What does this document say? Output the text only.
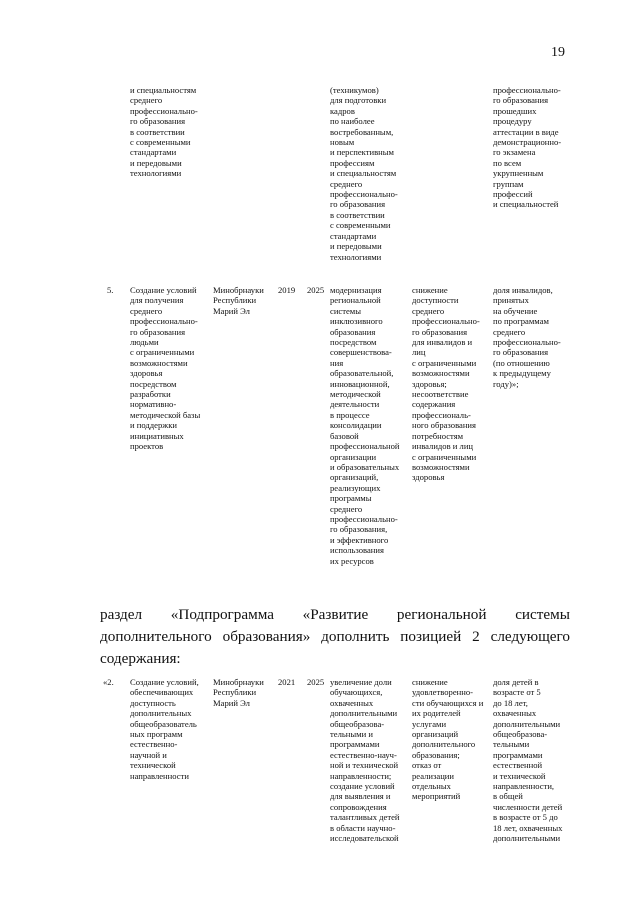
19
и специальностям
среднего
профессионально-
го образования
в соответствии
с современными
стандартами
и передовыми
технологиями
(техникумов)
для подготовки
кадров
по наиболее
востребованным,
новым
и перспективным
профессиям
и специальностям
среднего
профессионально-
го образования
в соответствии
с современными
стандартами
и передовыми
технологиями
профессионально-
го образования
прошедших
процедуру
аттестации в виде
демонстрационно-
го экзамена
по всем
укрупненным
группам
профессий
и специальностей
5. Создание условий
для получения
среднего
профессионально-
го образования
людьми
с ограниченными
возможностями
здоровья
посредством
разработки
нормативно-
методической базы
и поддержки
инициативных
проектов
Минобрнауки
Республики
Марий Эл
2019 2025 модернизация
региональной
системы
инклюзивного
образования
посредством
совершенствова-
ния
образовательной,
инновационной,
методической
деятельности
в процессе
консолидации
базовой
профессиональной
организации
и образовательных
организаций,
реализующих
программы
среднего
профессионально-
го образования,
и эффективного
использования
их ресурсов
снижение
доступности
среднего
профессионально-
го образования
для инвалидов и
лиц
с ограниченными
возможностями
здоровья;
несоответствие
содержания
профессиональ-
ного образования
потребностям
инвалидов и лиц
с ограниченными
возможностями
здоровья
доля инвалидов,
принятых
на обучение
по программам
среднего
профессионально-
го образования
(по отношению
к предыдущему
году)»;
раздел «Подпрограмма «Развитие региональной системы
дополнительного образования» дополнить позицией 2 следующего
содержания:
«2. Создание условий,
обеспечивающих
доступность
дополнительных
общеобразователь
ных программ
естественно-
научной и
технической
направленности
Минобрнауки
Республики
Марий Эл
2021 2025 увеличение доли
обучающихся,
охваченных
дополнительными
общеобразова-
тельными и
программами
естественно-науч-
ной и технической
направленности;
создание условий
для выявления и
сопровождения
талантливых детей
в области научно-
исследовательской
снижение
удовлетворенно-
сти обучающихся и
их родителей
услугами
организаций
дополнительного
образования;
отказ от
реализации
отдельных
мероприятий
доля детей в
возрасте от 5
до 18 лет,
охваченных
дополнительными
общеобразова-
тельными
программами
естественной
и технической
направленности,
в общей
численности детей
в возрасте от 5 до
18 лет, охваченных
дополнительными
